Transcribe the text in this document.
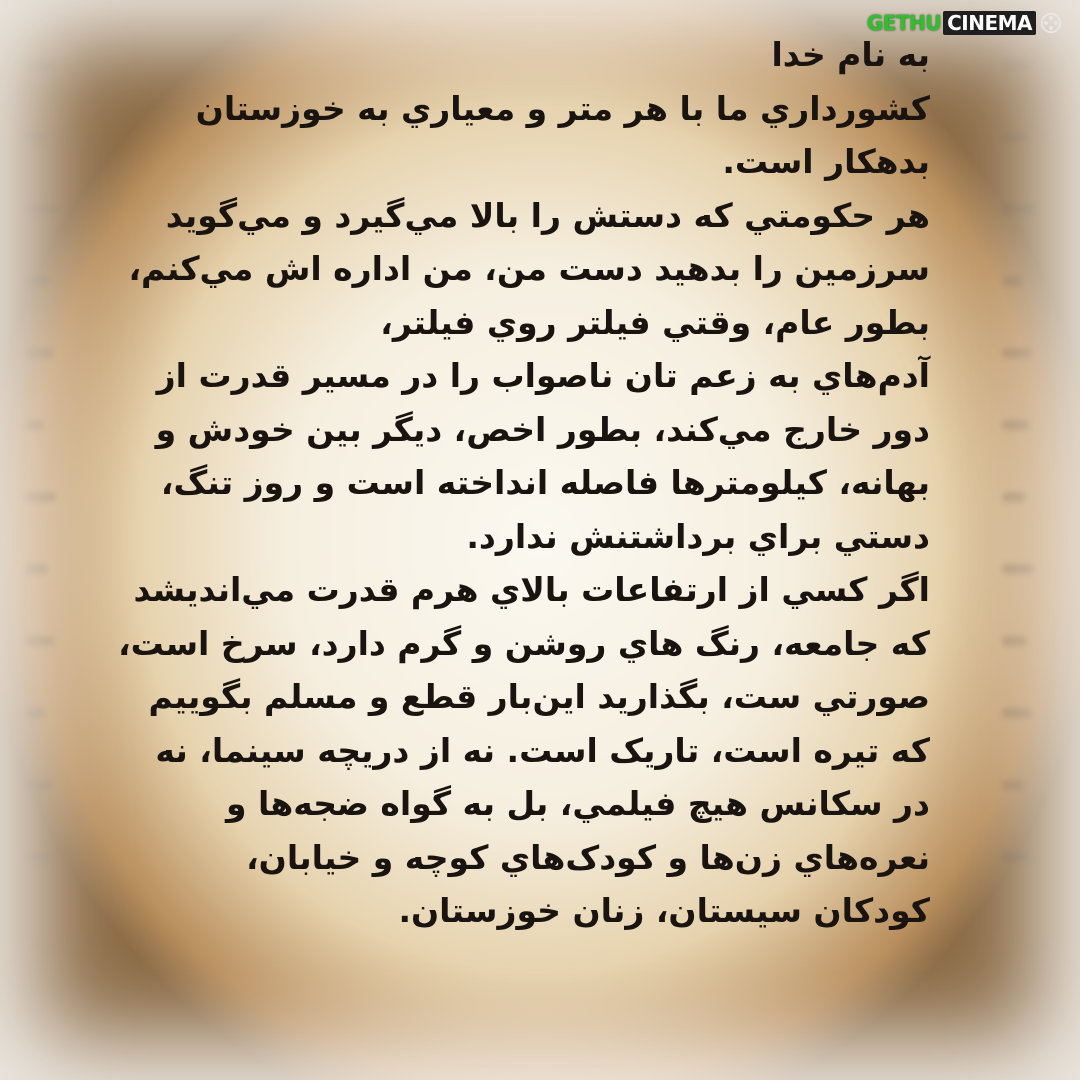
GETHU CINEMA

به نام خدا

كشورداري ما با هر متر و معياري به خوزستان

بدهكار است.

هر حكومتي كه دستش را بالا مي‌گيرد و مي‌گويد

سرزمين را بدهيد دست من، من اداره اش مي‌كنم،

بطور عام، وقتي فيلتر روي فيلتر،

آدم‌هاي به زعم تان ناصواب را در مسير قدرت از

دور خارج مي‌كند، بطور اخص، ديگر بين خودش و

بهانه، كيلومترها فاصله انداخته است و روز تنگ،

دستي براي برداشتنش ندارد.

اگر كسي از ارتفاعات بالاي هرم قدرت مي‌انديشد

كه جامعه، رنگ هاي روشن و گرم دارد، سرخ است،

صورتي ست، بگذاريد اين‌بار قطع و مسلم بگوييم

كه تيره است، تاريک است. نه از دريچه سينما، نه

در سكانس هيچ فيلمي، بل به گواه ضجه‌ها و

نعره‌هاي زن‌ها و كودک‌هاي كوچه و خيابان،

كودكان سيستان، زنان خوزستان.
